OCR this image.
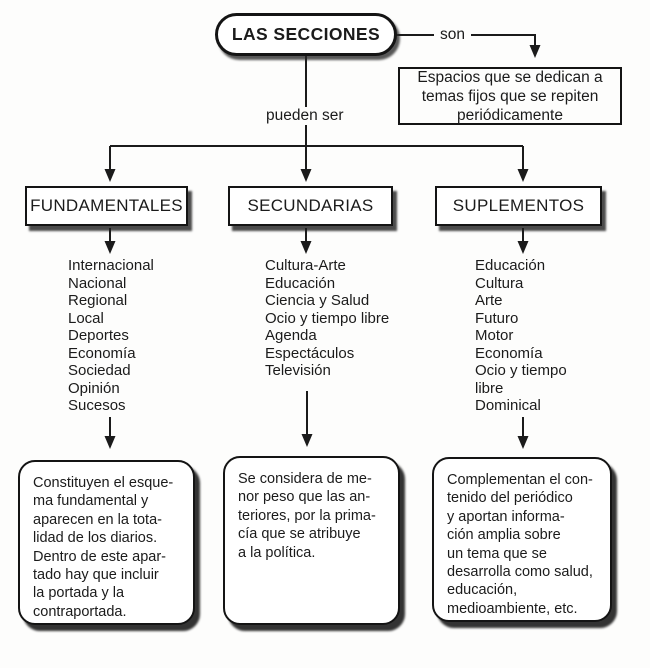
LAS SECCIONES	son
pueden ser
Espacios que se dedican a
temas fijos que se repiten
periódicamente
FUNDAMENTALES	SECUNDARIAS	SUPLEMENTOS
Internacional
Nacional
Regional
Local
Deportes
Economía
Sociedad
Opinión
Sucesos
Cultura-Arte
Educación
Ciencia y Salud
Ocio y tiempo libre
Agenda
Espectáculos
Televisión
Educación
Cultura
Arte
Futuro
Motor
Economía
Ocio y tiempo
libre
Dominical
Constituyen el esque-
ma fundamental y
aparecen en la tota-
lidad de los diarios.
Dentro de este apar-
tado hay que incluir
la portada y la
contraportada.
Se considera de me-
nor peso que las an-
teriores, por la prima-
cía que se atribuye
a la política.
Complementan el con-
tenido del periódico
y aportan informa-
ción amplia sobre
un tema que se
desarrolla como salud,
educación,
medioambiente, etc.
